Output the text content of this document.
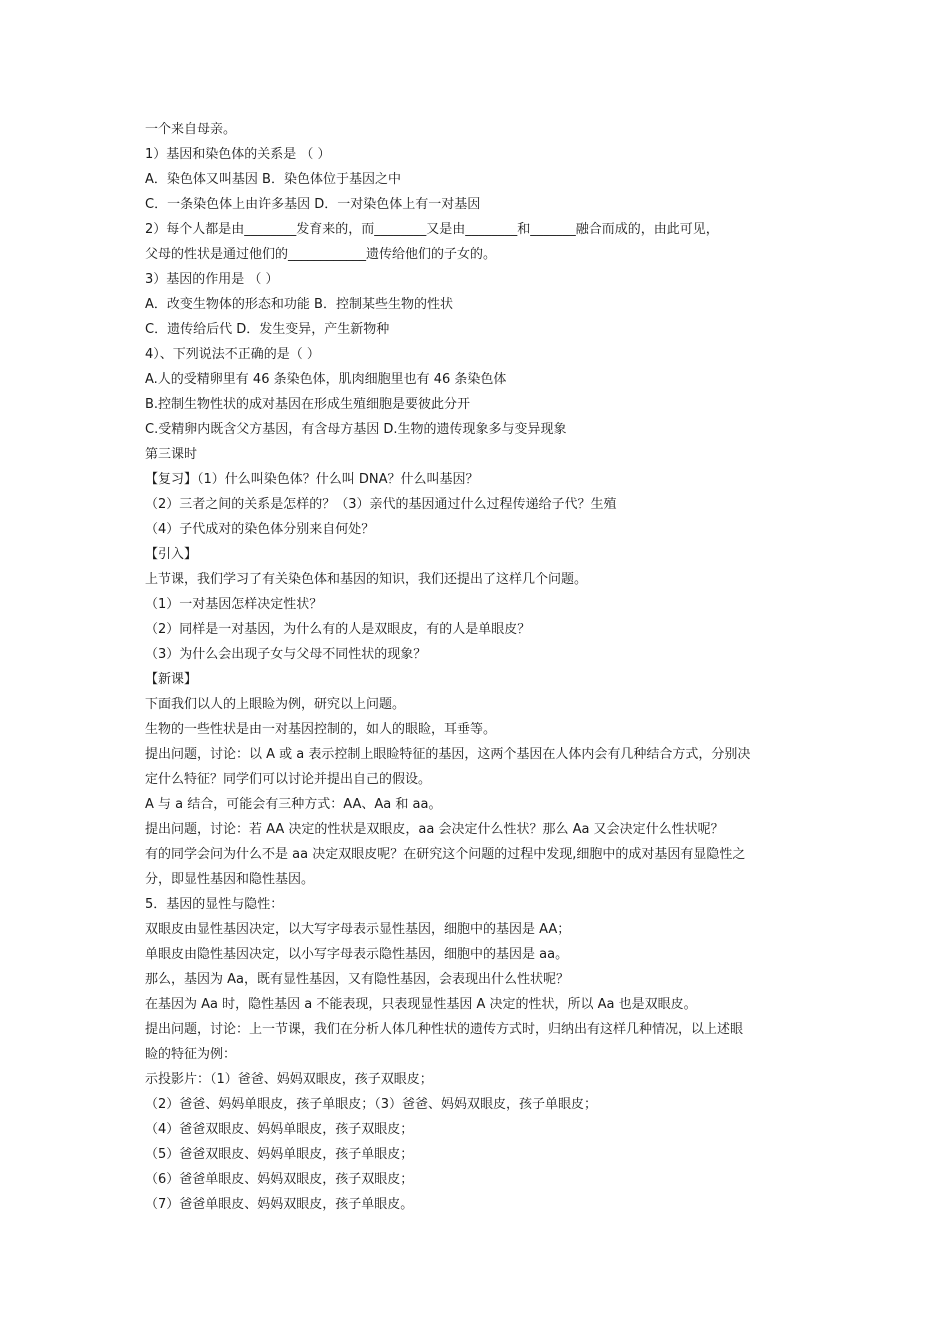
一个来自母亲。
1）基因和染色体的关系是 （ ）
A．染色体又叫基因 B．染色体位于基因之中
C．一条染色体上由许多基因 D．一对染色体上有一对基因
2）每个人都是由________发育来的，而________又是由________和_______融合而成的，由此可见，
父母的性状是通过他们的____________遗传给他们的子女的。
3）基因的作用是 （ ）
A．改变生物体的形态和功能 B．控制某些生物的性状
C．遗传给后代 D．发生变异，产生新物种
4）、下列说法不正确的是（ ）
A.人的受精卵里有 46 条染色体，肌肉细胞里也有 46 条染色体
B.控制生物性状的成对基因在形成生殖细胞是要彼此分开
C.受精卵内既含父方基因，有含母方基因 D.生物的遗传现象多与变异现象
第三课时
【复习】（1）什么叫染色体？什么叫 DNA？什么叫基因？
（2）三者之间的关系是怎样的？（3）亲代的基因通过什么过程传递给子代？生殖
（4）子代成对的染色体分别来自何处？
【引入】
上节课，我们学习了有关染色体和基因的知识，我们还提出了这样几个问题。
（1）一对基因怎样决定性状？
（2）同样是一对基因，为什么有的人是双眼皮，有的人是单眼皮？
（3）为什么会出现子女与父母不同性状的现象？
【新课】
下面我们以人的上眼睑为例，研究以上问题。
生物的一些性状是由一对基因控制的，如人的眼睑，耳垂等。
提出问题，讨论：以 A 或 a 表示控制上眼睑特征的基因，这两个基因在人体内会有几种结合方式，分别决
定什么特征？同学们可以讨论并提出自己的假设。
A 与 a 结合，可能会有三种方式：AA、Aa 和 aa。
提出问题，讨论：若 AA 决定的性状是双眼皮，aa 会决定什么性状？那么 Aa 又会决定什么性状呢？
有的同学会问为什么不是 aa 决定双眼皮呢？在研究这个问题的过程中发现,细胞中的成对基因有显隐性之
分，即显性基因和隐性基因。
5．基因的显性与隐性：
双眼皮由显性基因决定，以大写字母表示显性基因，细胞中的基因是 AA；
单眼皮由隐性基因决定，以小写字母表示隐性基因，细胞中的基因是 aa。
那么，基因为 Aa，既有显性基因，又有隐性基因，会表现出什么性状呢？
在基因为 Aa 时，隐性基因 a 不能表现，只表现显性基因 A 决定的性状，所以 Aa 也是双眼皮。
提出问题，讨论：上一节课，我们在分析人体几种性状的遗传方式时，归纳出有这样几种情况，以上述眼
睑的特征为例：
示投影片：（1）爸爸、妈妈双眼皮，孩子双眼皮；
（2）爸爸、妈妈单眼皮，孩子单眼皮；（3）爸爸、妈妈双眼皮，孩子单眼皮；
（4）爸爸双眼皮、妈妈单眼皮，孩子双眼皮；
（5）爸爸双眼皮、妈妈单眼皮，孩子单眼皮；
（6）爸爸单眼皮、妈妈双眼皮，孩子双眼皮；
（7）爸爸单眼皮、妈妈双眼皮，孩子单眼皮。
